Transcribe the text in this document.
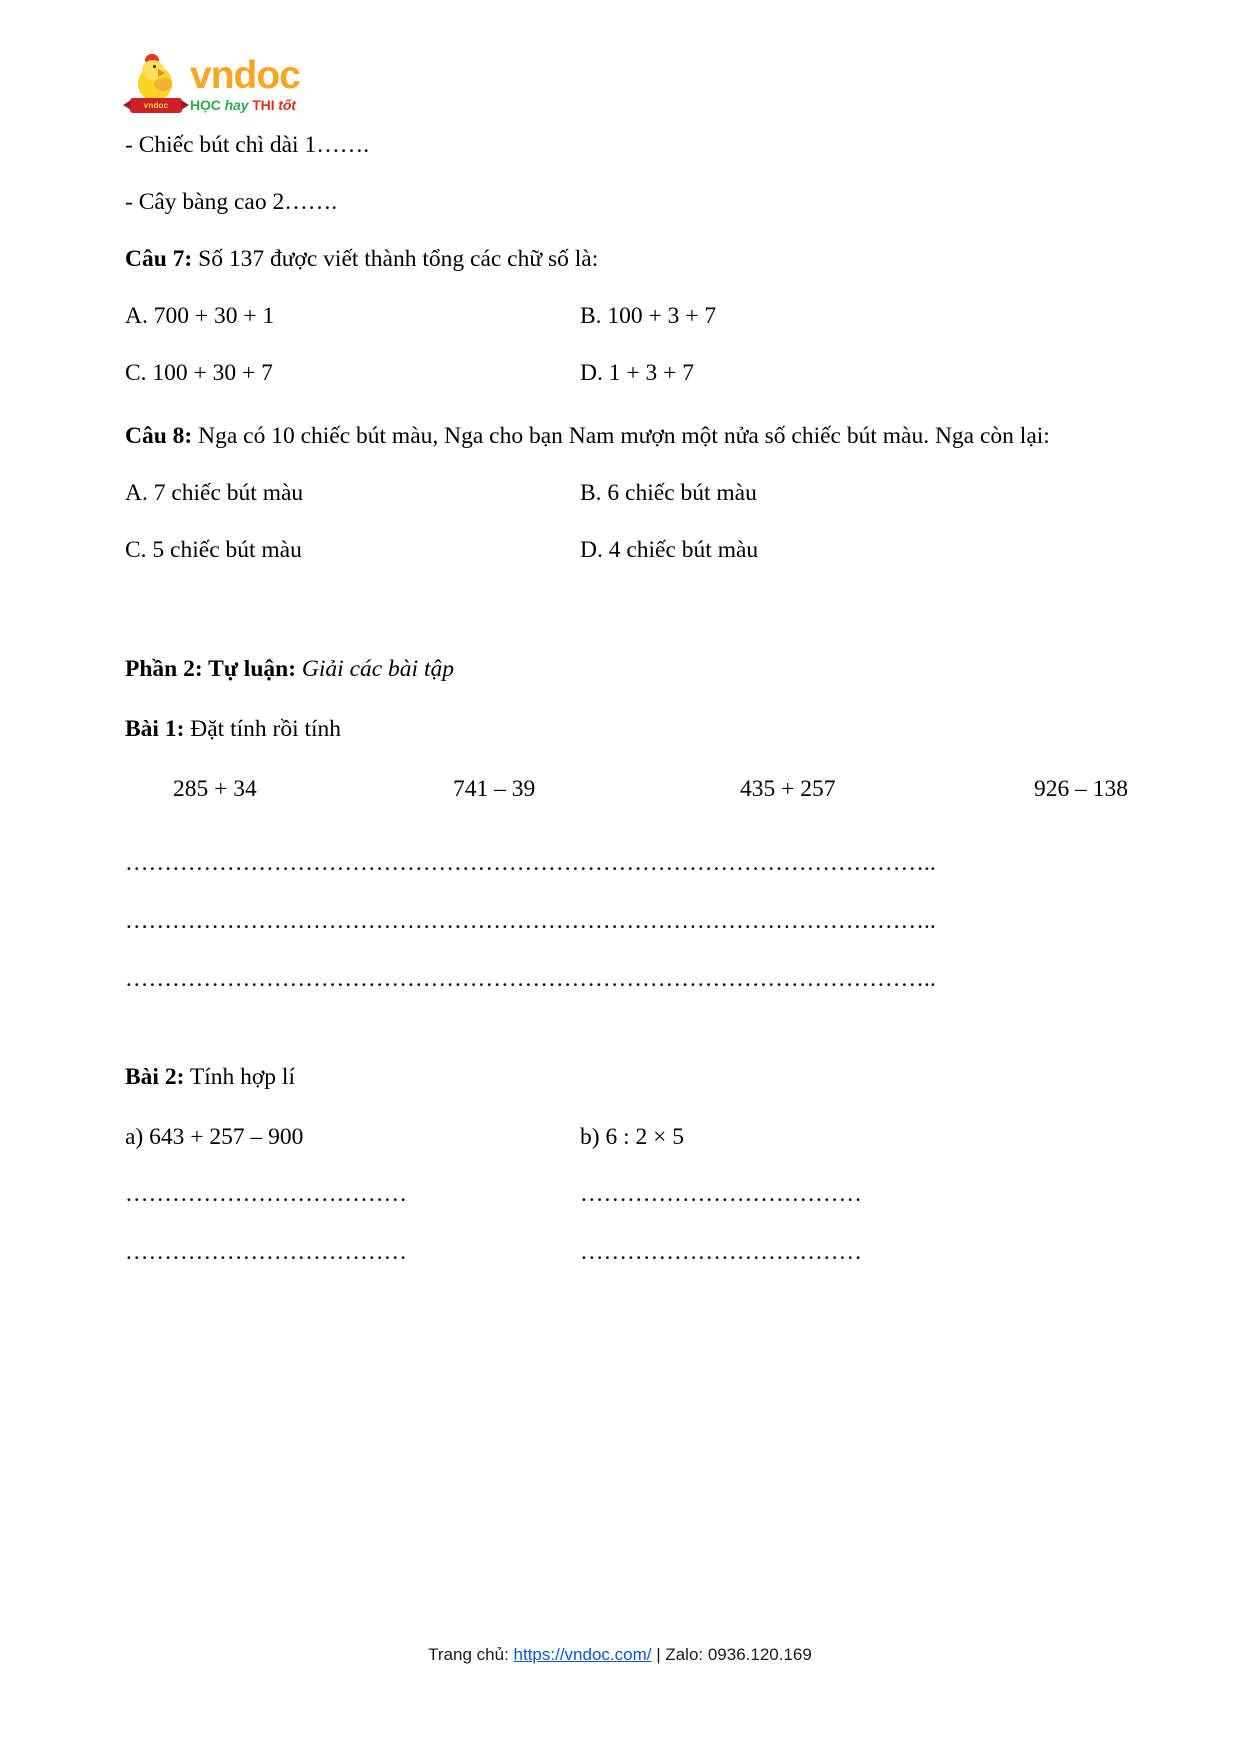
vndoc
vndoc
HỌC hay THI tốt

- Chiếc bút chì dài 1…….

- Cây bàng cao 2…….

Câu 7: Số 137 được viết thành tổng các chữ số là:

A. 700 + 30 + 1	B. 100 + 3 + 7
C. 100 + 30 + 7	D. 1 + 3 + 7

Câu 8: Nga có 10 chiếc bút màu, Nga cho bạn Nam mượn một nửa số chiếc bút màu. Nga còn lại:

A. 7 chiếc bút màu	B. 6 chiếc bút màu
C. 5 chiếc bút màu	D. 4 chiếc bút màu

Phần 2: Tự luận: Giải các bài tập

Bài 1: Đặt tính rồi tính

285 + 34	741 – 39	435 + 257	926 – 138

…………………………………………………………………………………………..

…………………………………………………………………………………………..

…………………………………………………………………………………………..

Bài 2: Tính hợp lí

a) 643 + 257 – 900	b) 6 : 2 × 5
………………………………	………………………………
………………………………	………………………………
Trang chủ: https://vndoc.com/ | Zalo: 0936.120.169
